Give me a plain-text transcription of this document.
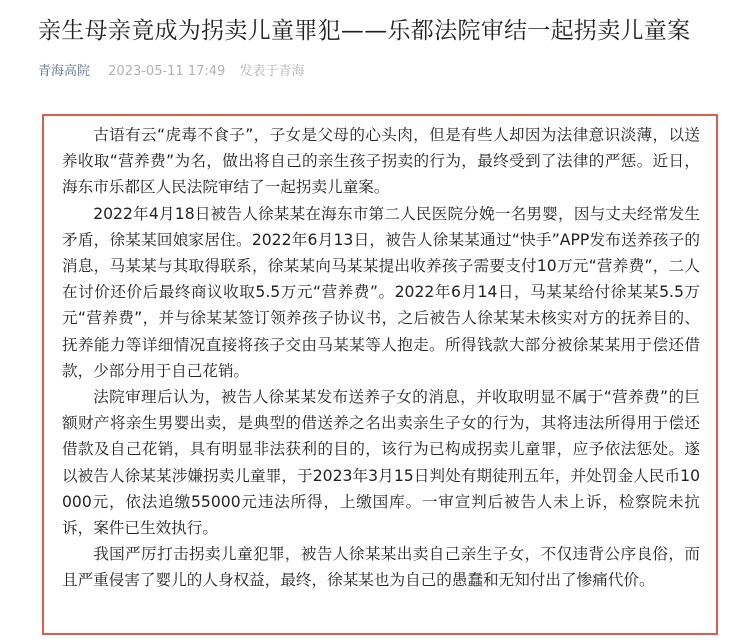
亲生母亲竟成为拐卖儿童罪犯——乐都法院审结一起拐卖儿童案
青海高院 2023-05-11 17:49 发表于青海

古语有云“虎毒不食子”，子女是父母的心头肉，但是有些人却因为法律意识淡薄，以送养收取“营养费”为名，做出将自己的亲生孩子拐卖的行为，最终受到了法律的严惩。近日，海东市乐都区人民法院审结了一起拐卖儿童案。

2022年4月18日被告人徐某某在海东市第二人民医院分娩一名男婴，因与丈夫经常发生矛盾，徐某某回娘家居住。2022年6月13日，被告人徐某某通过“快手”APP发布送养孩子的消息，马某某与其取得联系，徐某某向马某某提出收养孩子需要支付10万元“营养费”，二人在讨价还价后最终商议收取5.5万元“营养费”。2022年6月14日，马某某给付徐某某5.5万元“营养费”，并与徐某某签订领养孩子协议书，之后被告人徐某某未核实对方的抚养目的、抚养能力等详细情况直接将孩子交由马某某等人抱走。所得钱款大部分被徐某某用于偿还借款，少部分用于自己花销。

法院审理后认为，被告人徐某某发布送养子女的消息，并收取明显不属于“营养费”的巨额财产将亲生男婴出卖，是典型的借送养之名出卖亲生子女的行为，其将违法所得用于偿还借款及自己花销，具有明显非法获利的目的，该行为已构成拐卖儿童罪，应予依法惩处。遂以被告人徐某某涉嫌拐卖儿童罪，于2023年3月15日判处有期徒刑五年，并处罚金人民币10000元，依法追缴55000元违法所得，上缴国库。一审宣判后被告人未上诉，检察院未抗诉，案件已生效执行。

我国严厉打击拐卖儿童犯罪，被告人徐某某出卖自己亲生子女，不仅违背公序良俗，而且严重侵害了婴儿的人身权益，最终，徐某某也为自己的愚蠢和无知付出了惨痛代价。
